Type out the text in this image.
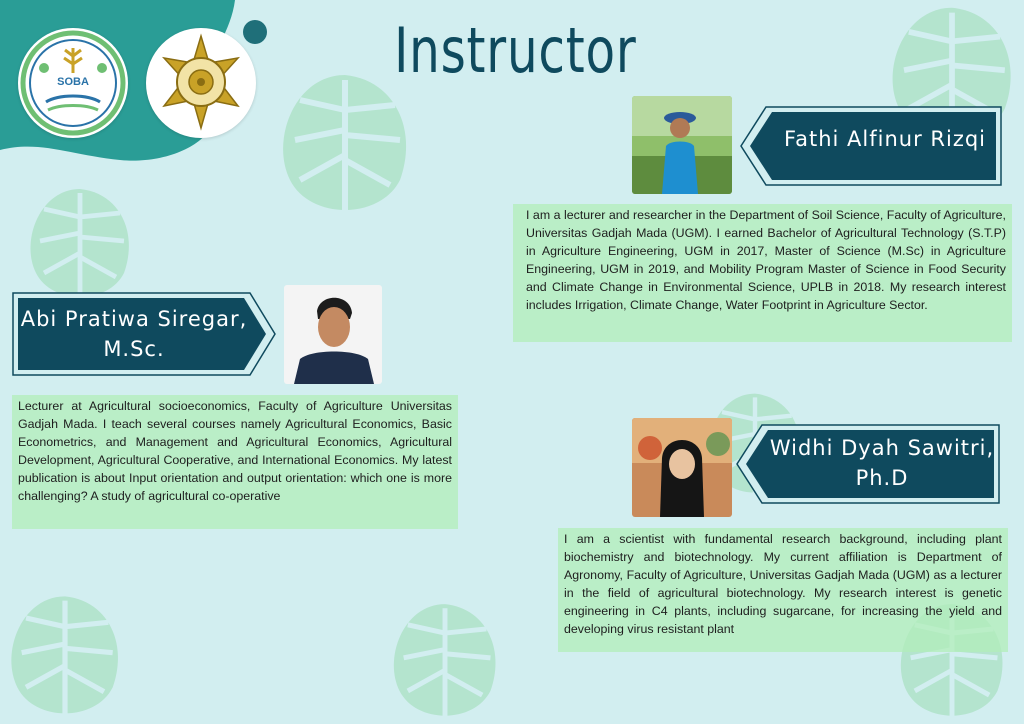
SOBA	Instructor
Fathi Alfinur Rizqi
I am a lecturer and researcher in the Department of Soil Science, Faculty of Agriculture, Universitas Gadjah Mada (UGM). I earned Bachelor of Agricultural Technology (S.T.P) in Agriculture Engineering, UGM in 2017, Master of Science (M.Sc) in Agriculture Engineering, UGM in 2019, and Mobility Program Master of Science in Food Security and Climate Change in Environmental Science, UPLB in 2018. My research interest includes Irrigation, Climate Change, Water Footprint in Agriculture Sector.
Abi Pratiwa Siregar,
M.Sc.
Lecturer at Agricultural socioeconomics, Faculty of Agriculture Universitas Gadjah Mada. I teach several courses namely Agricultural Economics, Basic Econometrics, and Management and Agricultural Economics, Agricultural Development, Agricultural Cooperative, and International Economics. My latest publication is about Input orientation and output orientation: which one is more challenging? A study of agricultural co-operative
Widhi Dyah Sawitri,
Ph.D
I am a scientist with fundamental research background, including plant biochemistry and biotechnology. My current affiliation is Department of Agronomy, Faculty of Agriculture, Universitas Gadjah Mada (UGM) as a lecturer in the field of agricultural biotechnology. My research interest is genetic engineering in C4 plants, including sugarcane, for increasing the yield and developing virus resistant plant
